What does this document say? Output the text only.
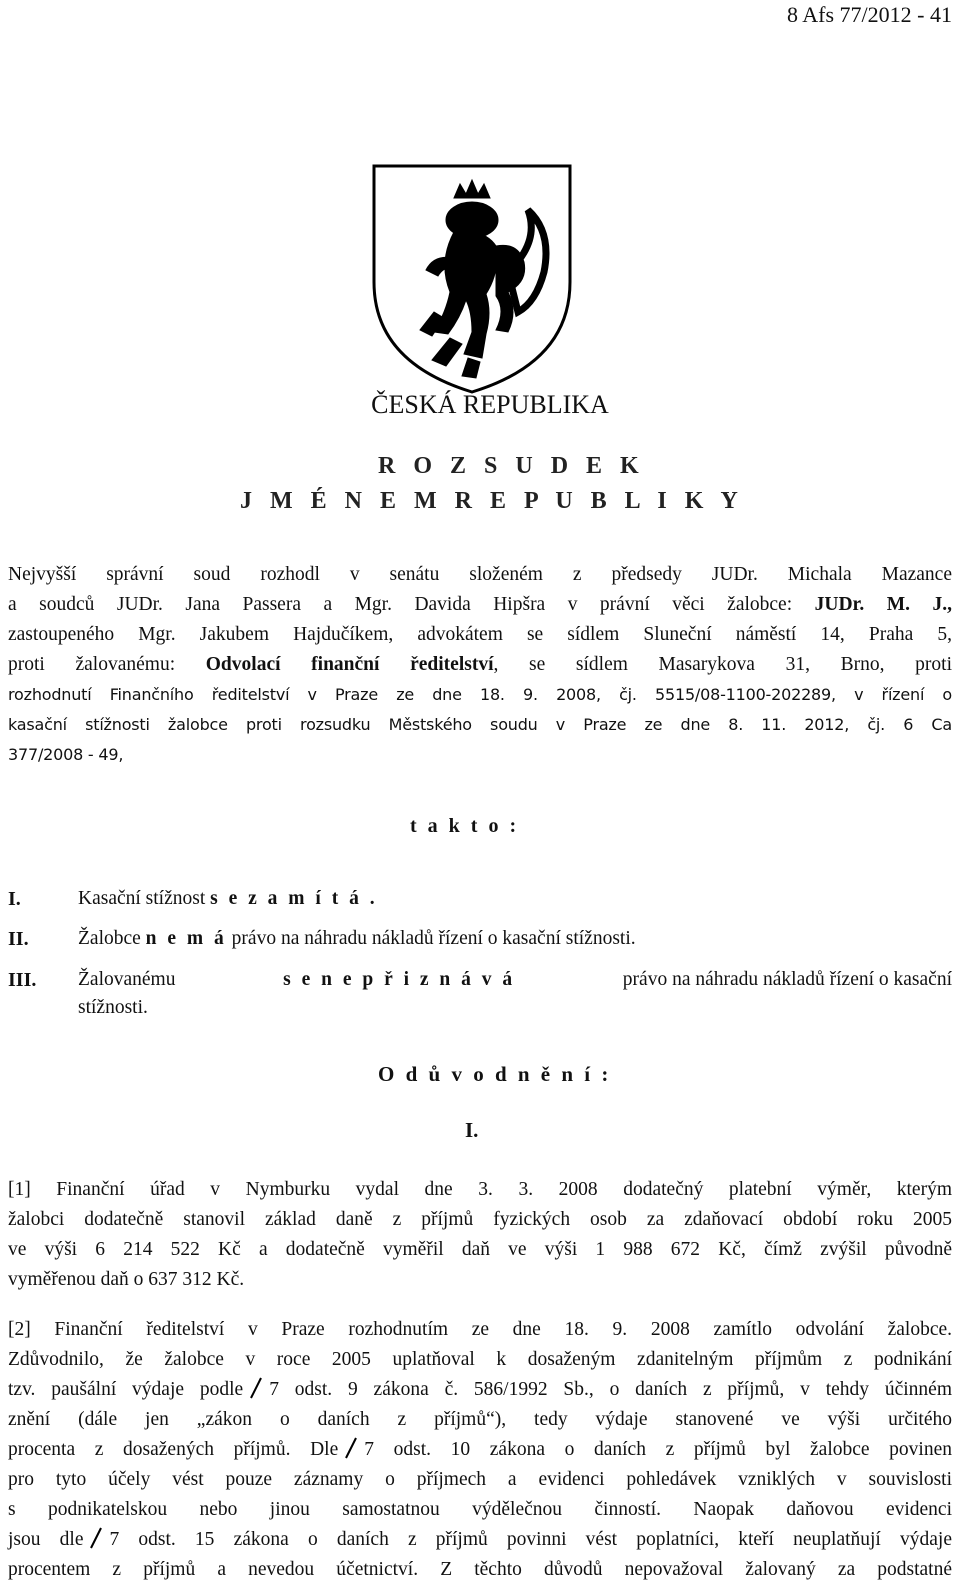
8 Afs 77/2012 - 41
ČESKÁ REPUBLIKA
R O Z S U D E K
J M É N E M R E P U B L I K Y
Nejvyšší správní soud rozhodl v senátu složeném z předsedy JUDr. Michala Mazance
a soudců JUDr. Jana Passera a Mgr. Davida Hipšra v právní věci žalobce: JUDr. M. J.,
zastoupeného Mgr. Jakubem Hajdučíkem, advokátem se sídlem Sluneční náměstí 14, Praha 5,
proti žalovanému: Odvolací finanční ředitelství, se sídlem Masarykova 31, Brno, proti
rozhodnutí Finančního ředitelství v Praze ze dne 18. 9. 2008, čj. 5515/08-1100-202289, v řízení o
kasační stížnosti žalobce proti rozsudku Městského soudu v Praze ze dne 8. 11. 2012, čj. 6 Ca
377/2008 - 49,
t a k t o :
I.	Kasační stížnost s e z a m í t á .
II.	Žalobce n e m á právo na náhradu nákladů řízení o kasační stížnosti.
III. Žalovanému	s e n e p ř i z n á v á	právo na náhradu nákladů řízení o kasační
stížnosti.
O d ů v o d n ě n í :
I.
[1] Finanční úřad v Nymburku vydal dne 3. 3. 2008 dodatečný platební výměr, kterým
žalobci dodatečně stanovil základ daně z příjmů fyzických osob za zdaňovací období roku 2005
ve výši 6 214 522 Kč a dodatečně vyměřil daň ve výši 1 988 672 Kč, čímž zvýšil původně
vyměřenou daň o 637 312 Kč.
[2] Finanční ředitelství v Praze rozhodnutím ze dne 18. 9. 2008 zamítlo odvolání žalobce.
Zdůvodnilo, že žalobce v roce 2005 uplatňoval k dosaženým zdanitelným příjmům z podnikání
tzv. paušální výdaje podle 7 odst. 9 zákona č. 586/1992 Sb., o daních z příjmů, v tehdy účinném
znění (dále jen „zákon o daních z příjmů“), tedy výdaje stanovené ve výši určitého
procenta z dosažených příjmů. Dle 7 odst. 10 zákona o daních z příjmů byl žalobce povinen
pro tyto účely vést pouze záznamy o příjmech a evidenci pohledávek vzniklých v souvislosti
s podnikatelskou nebo jinou samostatnou výdělečnou činností. Naopak daňovou evidenci
jsou dle 7 odst. 15 zákona o daních z příjmů povinni vést poplatníci, kteří neuplatňují výdaje
procentem z příjmů a nevedou účetnictví. Z těchto důvodů nepovažoval žalovaný za podstatné
